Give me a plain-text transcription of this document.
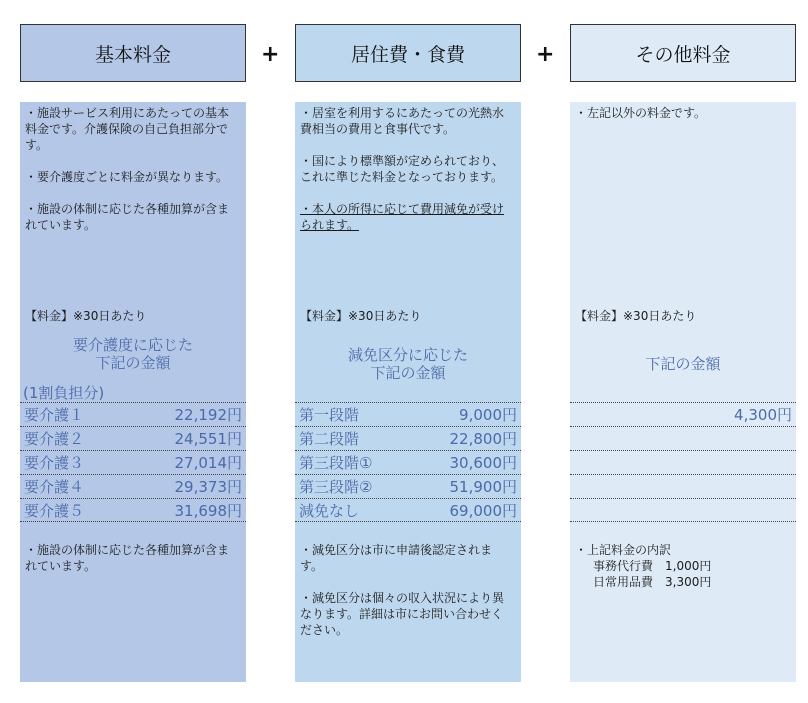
基本料金	+	居住費・食費	+	その他料金

・施設サービス利用にあたっての基本料金です。介護保険の自己負担部分です。

・要介護度ごとに料金が異なります。

・施設の体制に応じた各種加算が含まれています。

【料金】※30日あたり
要介護度に応じた
下記の金額
(1割負担分)
要介護１	22,192円
要介護２	24,551円
要介護３	27,014円
要介護４	29,373円
要介護５	31,698円

・施設の体制に応じた各種加算が含まれています。

・居室を利用するにあたっての光熱水費相当の費用と食事代です。

・国により標準額が定められており、これに準じた料金となっております。

・本人の所得に応じて費用減免が受けられます。

【料金】※30日あたり
減免区分に応じた
下記の金額
第一段階	9,000円
第二段階	22,800円
第三段階①	30,600円
第三段階②	51,900円
減免なし	69,000円

・減免区分は市に申請後認定されます。

・減免区分は個々の収入状況により異なります。詳細は市にお問い合わせください。

・左記以外の料金です。

【料金】※30日あたり
下記の金額
4,300円
・上記料金の内訳
事務代行費　1,000円
日常用品費　3,300円
